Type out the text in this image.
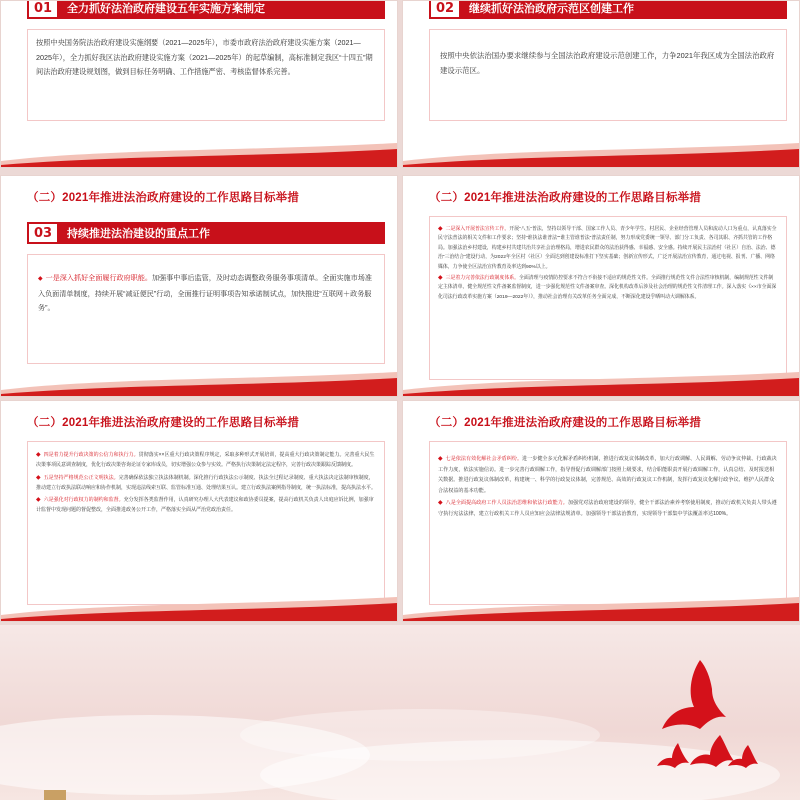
01	全力抓好法治政府建设五年实施方案制定
按照中央国务院法治政府建设实施纲要（2021—2025年），市委市政府法治政府建设实施方案（2021—2025年），全力抓好我区法治政府建设实施方案（2021—2025年）的起草编制，高标准制定我区“十四五”期间法治政府建设规划图，做到目标任务明确、工作措施严密、考核监督体系完善。
02	继续抓好法治政府示范区创建工作
按照中央依法治国办要求继续参与全国法治政府建设示范创建工作，力争2021年我区成为全国法治政府建设示范区。
（二）2021年推进法治政府建设的工作思路目标举措
03	持续推进法治建设的重点工作
◆ 一是深入抓好全面履行政府职能。加强事中事后监管，及时动态调整政务服务事项清单。全面实施市场准入负面清单制度，持续开展“减证便民”行动，全面推行证明事项告知承诺制试点，加快推进“互联网＋政务服务”。
（二）2021年推进法治政府建设的工作思路目标举措
◆ 二是深入开展普法宣传工作。开展“八五”普法，坚持以领导干部、国家工作人员、青少年学生、村居民、企业经营管理人员和流动人口为重点，认真落实全民守法普法的相关文件和工作要求；坚持“谁执法谁普法”“谁主管谁普法”普法责任制，努力形成党委统一领导、部门分工负责、各司其职、齐抓共管的工作格局。加强法治乡村建设，构建乡村共建共治共享社会治理格局，增进农民群众的法治获得感、幸福感、安全感。持续开展民主法治村（社区）自治、法治、德治“三治结合”建设行动，为2022年全区村（社区）全面达到创建设标准打下坚实基础；创新宣传形式，广泛开展法治宣传教育，通过电视、报刊、广播、网络媒体，力争使全区法治宣传教育及率达到90%以上。
◆ 三是着力完善依法行政制度体系。全面清理与疫情防控要求不符合不衔接不适应的规范性文件。全面推行规范性文件合法性审核机制，编制规范性文件制定主体清单，健全规范性文件备案监督制度，进一步强化规范性文件备案审查。深化机构改革后涉及社会治理的规范性文件清理工作。深入落实《××市全面深化司法行政改革实施方案（2019—2022年）》，推动社会治理有关改革任务全面完成，不断深化建设乎晒叫动大调解体系。
（二）2021年推进法治政府建设的工作思路目标举措
◆ 四是着力提升行政决策的公信力和执行力。贯彻落实××区重大行政决策程序规定，采取多种形式开展培训，提高重大行政决策制定能力。完善重大民生决策事项民意调查制度，优化行政决策咨询论证专家库成员，切实增强公众参与实效。严格执行决策制定法定程序，完善行政决策跟踪反馈制度。
◆ 五是坚持严格规范公正文明执法。完善确保依法独立执法体制机制。深化推行行政执法公示制度、执法全过程记录制度、重大执法决定法制审核制度，推动建立行政执法联动响应和协作机制，实现违法线索互联、监管标准互通、处理结果互认。建立行政执法案例指导制度，统一执法标准，提高执法水平。
◆ 六是强化对行政权力的制约和监督。充分发挥各类监督作用，认真研究办理人大代表建议和政协委员提案，提高行政机关负责人出庭应诉比例，加强审计监督中发现问题的督促整改，全面推进政务公开工作，严格落实全面从严治党政治责任。
（二）2021年推进法治政府建设的工作思路目标举措
◆ 七是依法有效化解社会矛盾纠纷。进一步健全多元化解矛盾纠纷机制，推进行政复议体制改革，加大行政调解、人民调解、劳动争议仲裁、行政裁决工作力度，依法实施信访。进一步完善行政调解工作，指导督促行政调解部门按照上级要求，结合职能职责开展行政调解工作，认真总结、及时报送相关数据。推进行政复议体制改革，构建统一、科学的行政复议体制，完善规范、高效的行政复议工作机制，发挥行政复议化解行政争议、维护人民群众合法权益的基本功能。
◆ 八是全面提高政府工作人员法治思维和依法行政能力。加强党对法治政府建设的领导，健全干部法治素养考察使用制度，推动行政机关负责人带头遵守执行宪法法律，建立行政机关工作人员应知应会法律法规清单。加强领导干部法治教育，实现领导干部集中学法覆盖率达100%。
